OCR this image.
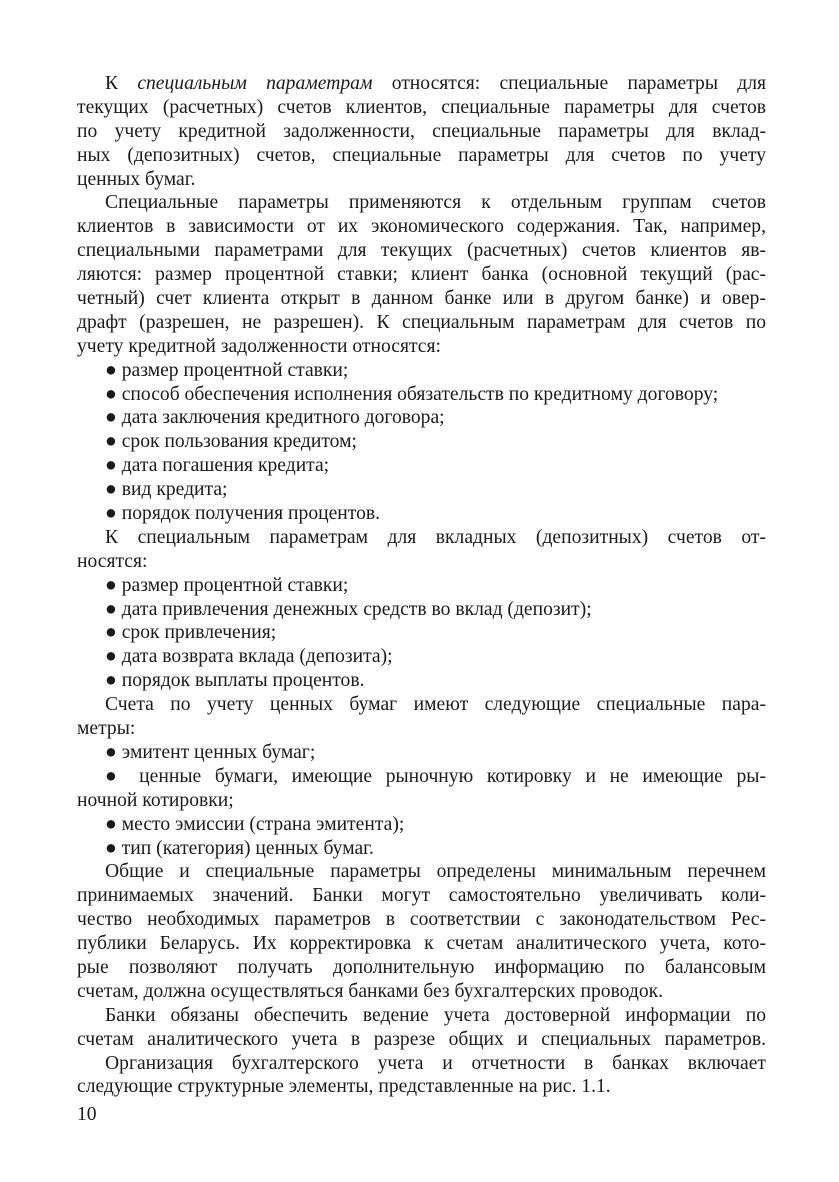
К специальным параметрам относятся: специальные параметры для
текущих (расчетных) счетов клиентов, специальные параметры для счетов
по учету кредитной задолженности, специальные параметры для вклад-
ных (депозитных) счетов, специальные параметры для счетов по учету
ценных бумаг.
Специальные параметры применяются к отдельным группам счетов
клиентов в зависимости от их экономического содержания. Так, например,
специальными параметрами для текущих (расчетных) счетов клиентов яв-
ляются: размер процентной ставки; клиент банка (основной текущий (рас-
четный) счет клиента открыт в данном банке или в другом банке) и овер-
драфт (разрешен, не разрешен). К специальным параметрам для счетов по
учету кредитной задолженности относятся:
● размер процентной ставки;
● способ обеспечения исполнения обязательств по кредитному договору;
● дата заключения кредитного договора;
● срок пользования кредитом;
● дата погашения кредита;
● вид кредита;
● порядок получения процентов.
К специальным параметрам для вкладных (депозитных) счетов от-
носятся:
● размер процентной ставки;
● дата привлечения денежных средств во вклад (депозит);
● срок привлечения;
● дата возврата вклада (депозита);
● порядок выплаты процентов.
Счета по учету ценных бумаг имеют следующие специальные пара-
метры:
● эмитент ценных бумаг;
● ценные бумаги, имеющие рыночную котировку и не имеющие ры-
ночной котировки;
● место эмиссии (страна эмитента);
● тип (категория) ценных бумаг.
Общие и специальные параметры определены минимальным перечнем
принимаемых значений. Банки могут самостоятельно увеличивать коли-
чество необходимых параметров в соответствии с законодательством Рес-
публики Беларусь. Их корректировка к счетам аналитического учета, кото-
рые позволяют получать дополнительную информацию по балансовым
счетам, должна осуществляться банками без бухгалтерских проводок.
Банки обязаны обеспечить ведение учета достоверной информации по
счетам аналитического учета в разрезе общих и специальных параметров.
Организация бухгалтерского учета и отчетности в банках включает
следующие структурные элементы, представленные на рис. 1.1.
10
